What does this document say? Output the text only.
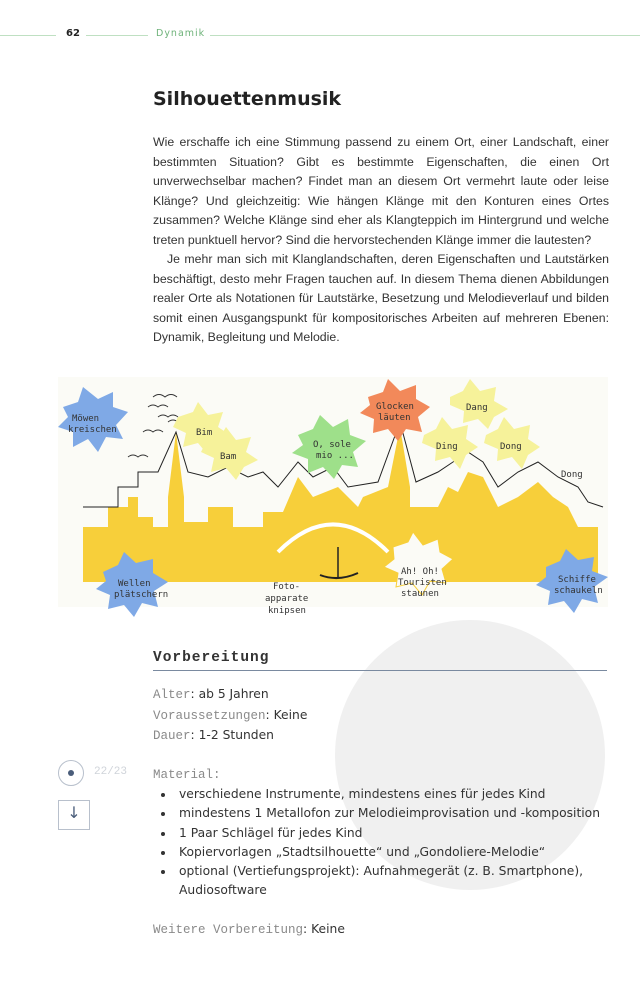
62	Dynamik
Silhouettenmusik

Wie erschaffe ich eine Stimmung passend zu einem Ort, einer Landschaft, einer bestimmten Situation? Gibt es bestimmte Eigenschaften, die einen Ort unverwechselbar machen? Findet man an diesem Ort vermehrt laute oder leise Klänge? Und gleichzeitig: Wie hängen Klänge mit den Konturen eines Ortes zusammen? Welche Klänge sind eher als Klangteppich im Hintergrund und welche treten punktuell hervor? Sind die hervorstechenden Klänge immer die lautesten?

Je mehr man sich mit Klanglandschaften, deren Eigenschaften und Lautstärken beschäftigt, desto mehr Fragen tauchen auf. In diesem Thema dienen Abbildungen realer Orte als Notationen für Lautstärke, Besetzung und Melodieverlauf und bilden somit einen Ausgangspunkt für kompositorisches Arbeiten auf mehreren Ebenen: Dynamik, Begleitung und Melodie.

Möwen
kreischen	Bim
Bam
O, sole
mio ...
Glocken
läuten
Dang
Ding	Dong
Dong
Wellen
plätschern
Foto-
apparate
knipsen
Ah! Oh!
Touristen
staunen
Schiffe
schaukeln
Vorbereitung
Alter: ab 5 Jahren
Voraussetzungen: Keine
Dauer: 1-2 Stunden
Material:
• verschiedene Instrumente, mindestens eines für jedes Kind
• mindestens 1 Metallofon zur Melodieimprovisation und -komposition
• 1 Paar Schlägel für jedes Kind
• Kopiervorlagen „Stadtsilhouette“ und „Gondoliere-Melodie“
• optional (Vertiefungsprojekt): Aufnahmegerät (z. B. Smartphone), Audiosoftware
Weitere Vorbereitung: Keine
$^{22/23}$
↓
